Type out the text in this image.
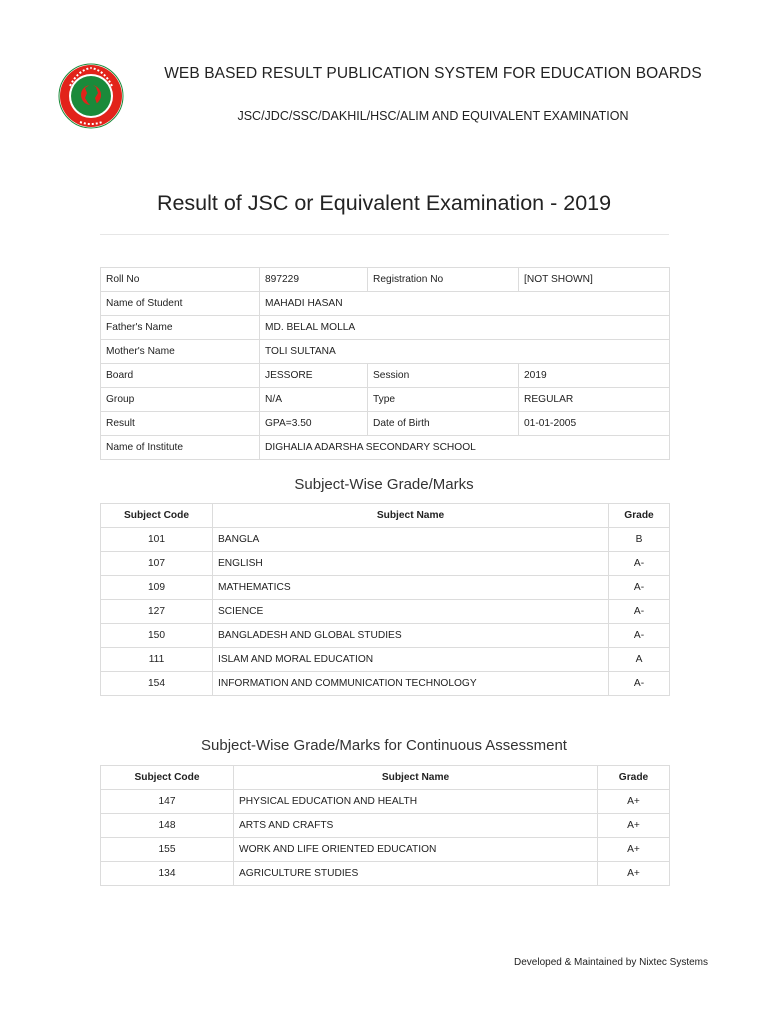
WEB BASED RESULT PUBLICATION SYSTEM FOR EDUCATION BOARDS
JSC/JDC/SSC/DAKHIL/HSC/ALIM AND EQUIVALENT EXAMINATION
Result of JSC or Equivalent Examination - 2019
Roll No	897229	Registration No	[NOT SHOWN]
Name of Student	MAHADI HASAN		
Father's Name	MD. BELAL MOLLA		
Mother's Name	TOLI SULTANA		
Board	JESSORE	Session	2019
Group	N/A	Type	REGULAR
Result	GPA=3.50	Date of Birth	01-01-2005
Name of Institute	DIGHALIA ADARSHA SECONDARY SCHOOL		
Subject-Wise Grade/Marks
Subject Code	Subject Name	Grade
101	BANGLA	B
107	ENGLISH	A-
109	MATHEMATICS	A-
127	SCIENCE	A-
150	BANGLADESH AND GLOBAL STUDIES	A-
111	ISLAM AND MORAL EDUCATION	A
154	INFORMATION AND COMMUNICATION TECHNOLOGY	A-
Subject-Wise Grade/Marks for Continuous Assessment
Subject Code	Subject Name	Grade
147	PHYSICAL EDUCATION AND HEALTH	A+
148	ARTS AND CRAFTS	A+
155	WORK AND LIFE ORIENTED EDUCATION	A+
134	AGRICULTURE STUDIES	A+
Developed & Maintained by Nixtec Systems
